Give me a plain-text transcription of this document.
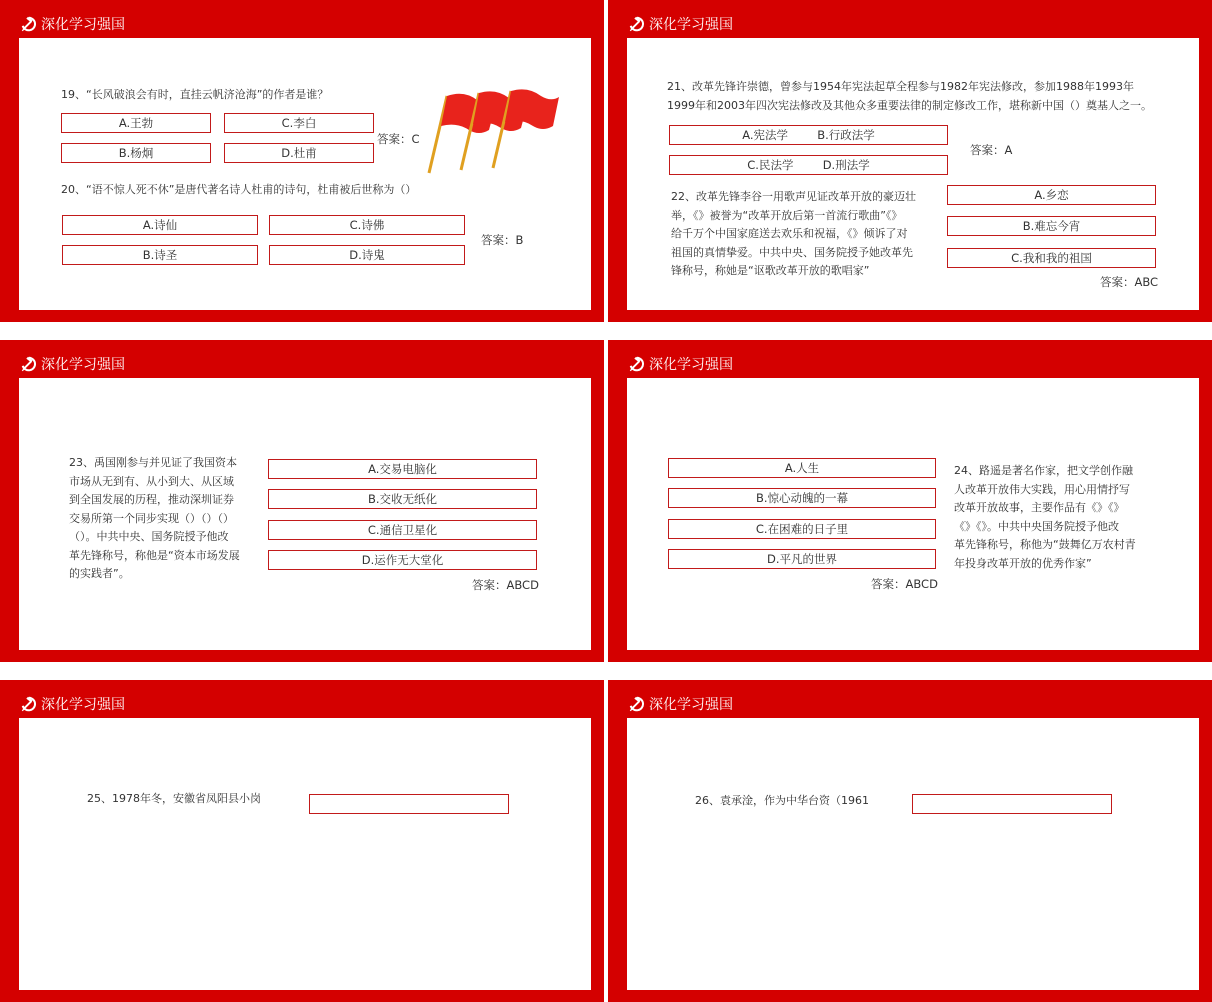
深化学习强国
19、“长风破浪会有时，直挂云帆济沧海”的作者是谁？
A.王勃
B.杨炯
C.李白
D.杜甫
答案：C
20、“语不惊人死不休”是唐代著名诗人杜甫的诗句，杜甫被后世称为（）
A.诗仙
B.诗圣
C.诗佛
D.诗鬼
答案：B
深化学习强国
21、改革先锋许崇德，曾参与1954年宪法起草全程参与1982年宪法修改，参加1988年1993年
1999年和2003年四次宪法修改及其他众多重要法律的制定修改工作，堪称新中国（）奠基人之一。
A.宪法学        B.行政法学
C.民法学        D.刑法学
答案：A
22、改革先锋李谷一用歌声见证改革开放的豪迈壮
举，《》被誉为“改革开放后第一首流行歌曲”《》
给千万个中国家庭送去欢乐和祝福，《》倾诉了对
祖国的真情挚爱。中共中央、国务院授予她改革先
锋称号，称她是“讴歌改革开放的歌唱家”
A.乡恋
B.难忘今宵
C.我和我的祖国
答案：ABC
深化学习强国
23、禹国刚参与并见证了我国资本
市场从无到有、从小到大、从区域
到全国发展的历程，推动深圳证券
交易所第一个同步实现（）（）（）
（）。中共中央、国务院授予他改
革先锋称号，称他是“资本市场发展
的实践者”。
A.交易电脑化
B.交收无纸化
C.通信卫星化
D.运作无大堂化
答案：ABCD
深化学习强国
A.人生
B.惊心动魄的一幕
C.在困难的日子里
D.平凡的世界
答案：ABCD
24、路遥是著名作家，把文学创作融
人改革开放伟大实践，用心用情抒写
改革开放故事，主要作品有《》《》
《》《》。中共中央国务院授予他改
革先锋称号，称他为“鼓舞亿万农村青
年投身改革开放的优秀作家”
深化学习强国
25、1978年冬，安徽省凤阳县小岗
深化学习强国
26、袁承淦，作为中华台资（1961
